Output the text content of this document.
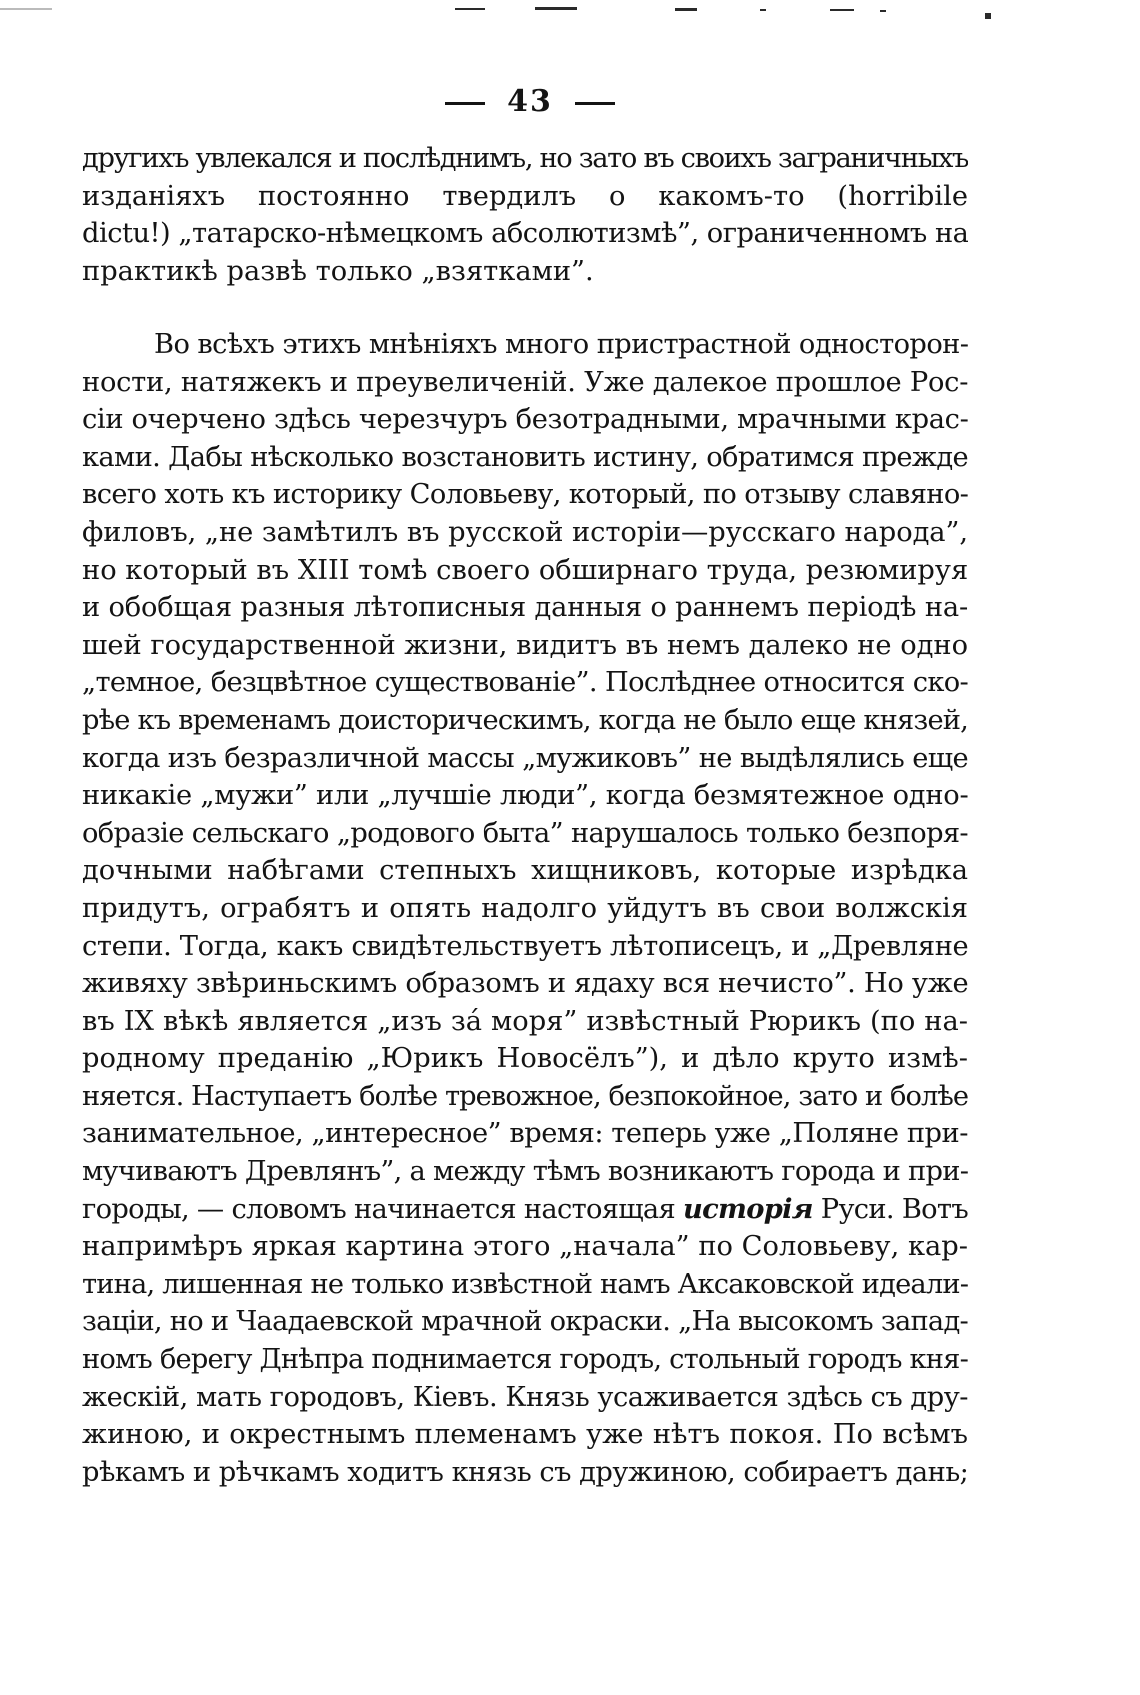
43
другихъ увлекался и послѣднимъ, но зато въ своихъ заграничныхъ
изданіяхъ постоянно твердилъ о какомъ-то (horribile
dictu!) „татарско-нѣмецкомъ абсолютизмѣ”, ограниченномъ на
практикѣ развѣ только „взятками”.
Во всѣхъ этихъ мнѣніяхъ много пристрастной односторон-
ности, натяжекъ и преувеличеній. Уже далекое прошлое Рос-
сіи очерчено здѣсь черезчуръ безотрадными, мрачными крас-
ками. Дабы нѣсколько возстановить истину, обратимся прежде
всего хоть къ историку Соловьеву, который, по отзыву славяно-
филовъ, „не замѣтилъ въ русской исторіи—русскаго народа”,
но который въ XIII томѣ своего обширнаго труда, резюмируя
и обобщая разныя лѣтописныя данныя о раннемъ періодѣ на-
шей государственной жизни, видитъ въ немъ далеко не одно
„темное, безцвѣтное существованіе”. Послѣднее относится ско-
рѣе къ временамъ доисторическимъ, когда не было еще князей,
когда изъ безразличной массы „мужиковъ” не выдѣлялись еще
никакіе „мужи” или „лучшіе люди”, когда безмятежное одно-
образіе сельскаго „родового быта” нарушалось только безпоря-
дочными набѣгами степныхъ хищниковъ, которые изрѣдка
придутъ, ограбятъ и опять надолго уйдутъ въ свои волжскія
степи. Тогда, какъ свидѣтельствуетъ лѣтописецъ, и „Древляне
живяху звѣриньскимъ образомъ и ядаху вся нечисто”. Но уже
въ IX вѣкѣ является „изъ за́ моря” извѣстный Рюрикъ (по на-
родному преданію „Юрикъ Новосёлъ”), и дѣло круто измѣ-
няется. Наступаетъ болѣе тревожное, безпокойное, зато и болѣе
занимательное, „интересное” время: теперь уже „Поляне при-
мучиваютъ Древлянъ”, а между тѣмъ возникаютъ города и при-
городы, — словомъ начинается настоящая исторія Руси. Вотъ
напримѣръ яркая картина этого „начала” по Соловьеву, кар-
тина, лишенная не только извѣстной намъ Аксаковской идеали-
заціи, но и Чаадаевской мрачной окраски. „На высокомъ запад-
номъ берегу Днѣпра поднимается городъ, стольный городъ кня-
жескій, мать городовъ, Кіевъ. Князь усаживается здѣсь съ дру-
жиною, и окрестнымъ племенамъ уже нѣтъ покоя. По всѣмъ
рѣкамъ и рѣчкамъ ходитъ князь съ дружиною, собираетъ дань;
